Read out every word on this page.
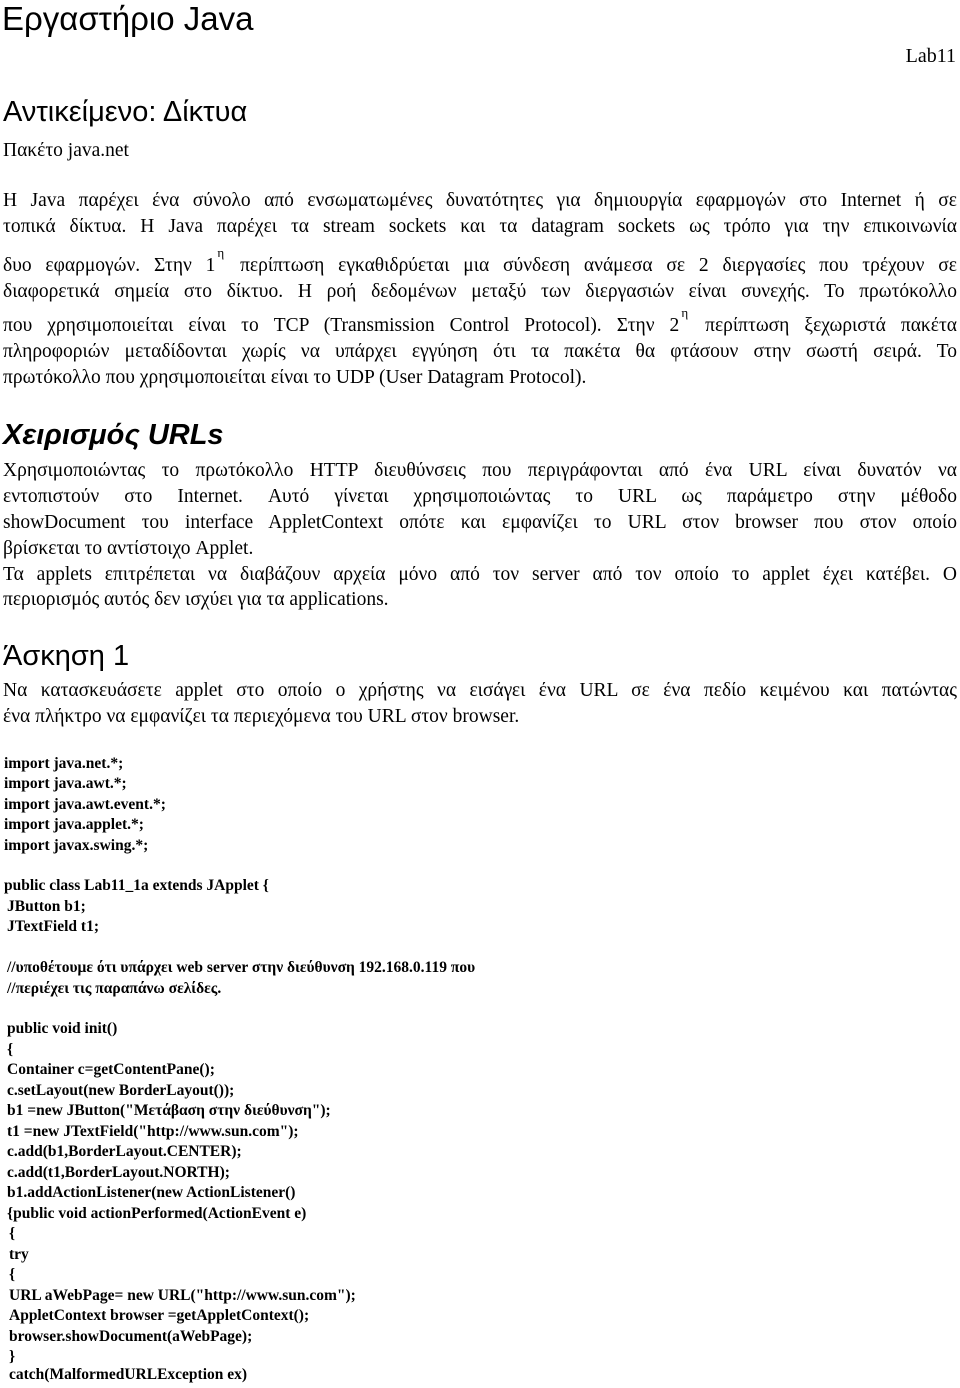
Εργαστήριο Java
Lab11
Αντικείμενο: Δίκτυα
Πακέτο java.net
Η Java παρέχει ένα σύνολο από ενσωματωμένες δυνατότητες για δημιουργία εφαρμογών στο Internet ή σε
τοπικά δίκτυα. Η Java παρέχει τα stream sockets και τα datagram sockets ως τρόπο για την επικοινωνία
δυο εφαρμογών. Στην $1^\eta$ περίπτωση εγκαθιδρύεται μια σύνδεση ανάμεσα σε 2 διεργασίες που τρέχουν σε
διαφορετικά σημεία στο δίκτυο. Η ροή δεδομένων μεταξύ των διεργασιών είναι συνεχής. Το πρωτόκολλο
που χρησιμοποιείται είναι το TCP (Transmission Control Protocol). Στην $2^\eta$ περίπτωση ξεχωριστά πακέτα
πληροφοριών μεταδίδονται χωρίς να υπάρχει εγγύηση ότι τα πακέτα θα φτάσουν στην σωστή σειρά. Το
πρωτόκολλο που χρησιμοποιείται είναι το UDP (User Datagram Protocol).
Χειρισμός URLs
Χρησιμοποιώντας το πρωτόκολλο HTTP διευθύνσεις που περιγράφονται από ένα URL είναι δυνατόν να
εντοπιστούν στο Internet. Αυτό γίνεται χρησιμοποιώντας το URL ως παράμετρο στην μέθοδο
showDocument του interface AppletContext οπότε και εμφανίζει το URL στον browser που στον οποίο
βρίσκεται το αντίστοιχο Applet.
Τα applets επιτρέπεται να διαβάζουν αρχεία μόνο από τον server από τον οποίο το applet έχει κατέβει. Ο
περιορισμός αυτός δεν ισχύει για τα applications.
Άσκηση 1
Να κατασκευάσετε applet στο οποίο ο χρήστης να εισάγει ένα URL σε ένα πεδίο κειμένου και πατώντας
ένα πλήκτρο να εμφανίζει τα περιεχόμενα του URL στον browser.
import java.net.*;
import java.awt.*;
import java.awt.event.*;
import java.applet.*;
import javax.swing.*;
public class Lab11_1a extends JApplet {
JButton b1;
JTextField t1;
//υποθέτουμε ότι υπάρχει web server στην διεύθυνση 192.168.0.119 που
//περιέχει τις παραπάνω σελίδες.
public void init()
{
Container c=getContentPane();
c.setLayout(new BorderLayout());
b1 =new JButton("Μετάβαση στην διεύθυνση");
t1 =new JTextField("http://www.sun.com");
c.add(b1,BorderLayout.CENTER);
c.add(t1,BorderLayout.NORTH);
b1.addActionListener(new ActionListener()
{public void actionPerformed(ActionEvent e)
{
try
{
URL aWebPage= new URL("http://www.sun.com");
AppletContext browser =getAppletContext();
browser.showDocument(aWebPage);
}
catch(MalformedURLException ex)
